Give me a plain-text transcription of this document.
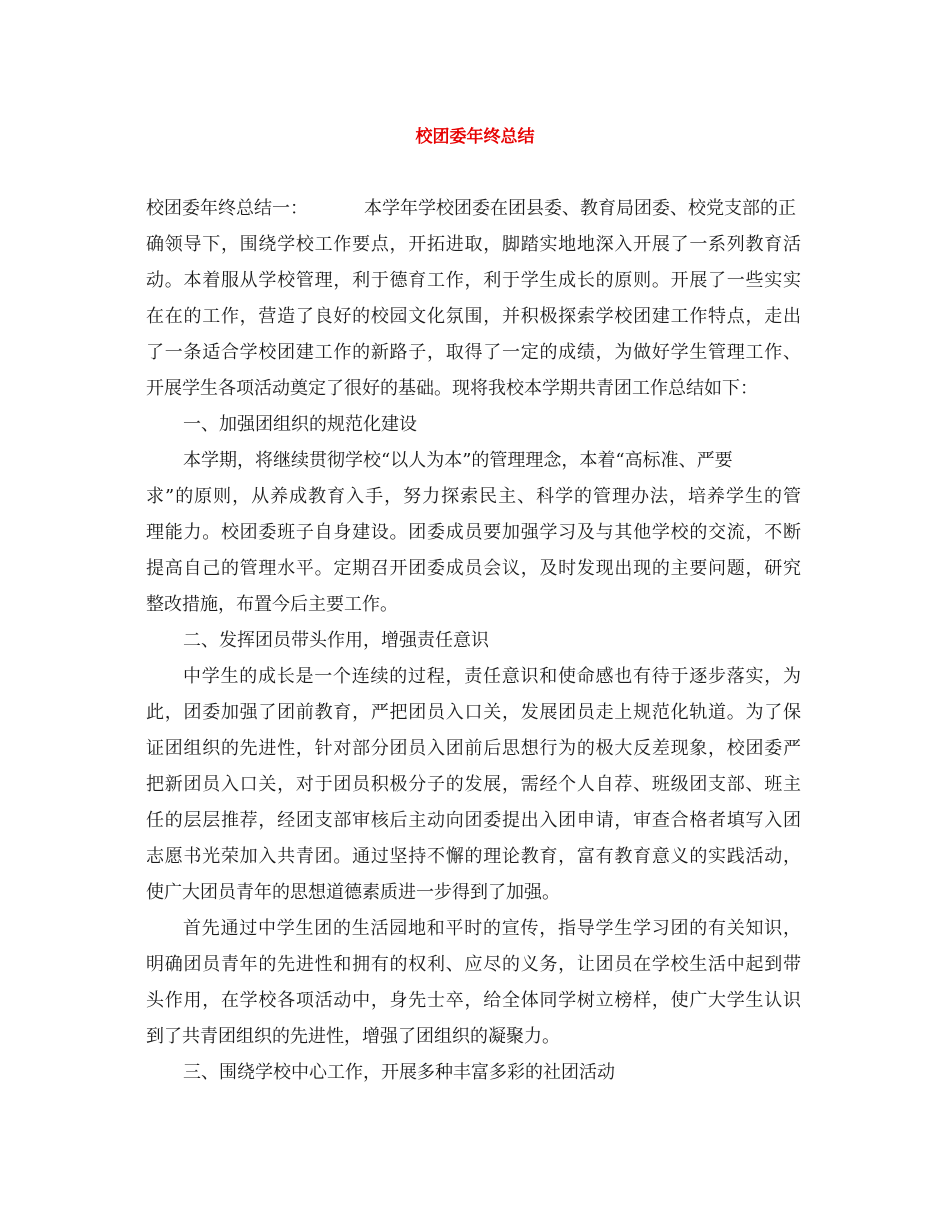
校团委年终总结

校团委年终总结一：	本学年学校团委在团县委、教育局团委、校党支部的正

确领导下，围绕学校工作要点，开拓进取，脚踏实地地深入开展了一系列教育活

动。本着服从学校管理，利于德育工作，利于学生成长的原则。开展了一些实实

在在的工作，营造了良好的校园文化氛围，并积极探索学校团建工作特点，走出

了一条适合学校团建工作的新路子，取得了一定的成绩，为做好学生管理工作、

开展学生各项活动奠定了很好的基础。现将我校本学期共青团工作总结如下：

一、加强团组织的规范化建设

本学期，将继续贯彻学校“以人为本”的管理理念，本着“高标准、严要

求”的原则，从养成教育入手，努力探索民主、科学的管理办法，培养学生的管

理能力。校团委班子自身建设。团委成员要加强学习及与其他学校的交流，不断

提高自己的管理水平。定期召开团委成员会议，及时发现出现的主要问题，研究

整改措施，布置今后主要工作。

二、发挥团员带头作用，增强责任意识

中学生的成长是一个连续的过程，责任意识和使命感也有待于逐步落实，为

此，团委加强了团前教育，严把团员入口关，发展团员走上规范化轨道。为了保

证团组织的先进性，针对部分团员入团前后思想行为的极大反差现象，校团委严

把新团员入口关，对于团员积极分子的发展，需经个人自荐、班级团支部、班主

任的层层推荐，经团支部审核后主动向团委提出入团申请，审查合格者填写入团

志愿书光荣加入共青团。通过坚持不懈的理论教育，富有教育意义的实践活动，

使广大团员青年的思想道德素质进一步得到了加强。

首先通过中学生团的生活园地和平时的宣传，指导学生学习团的有关知识，

明确团员青年的先进性和拥有的权利、应尽的义务，让团员在学校生活中起到带

头作用，在学校各项活动中，身先士卒，给全体同学树立榜样，使广大学生认识

到了共青团组织的先进性，增强了团组织的凝聚力。

三、围绕学校中心工作，开展多种丰富多彩的社团活动
